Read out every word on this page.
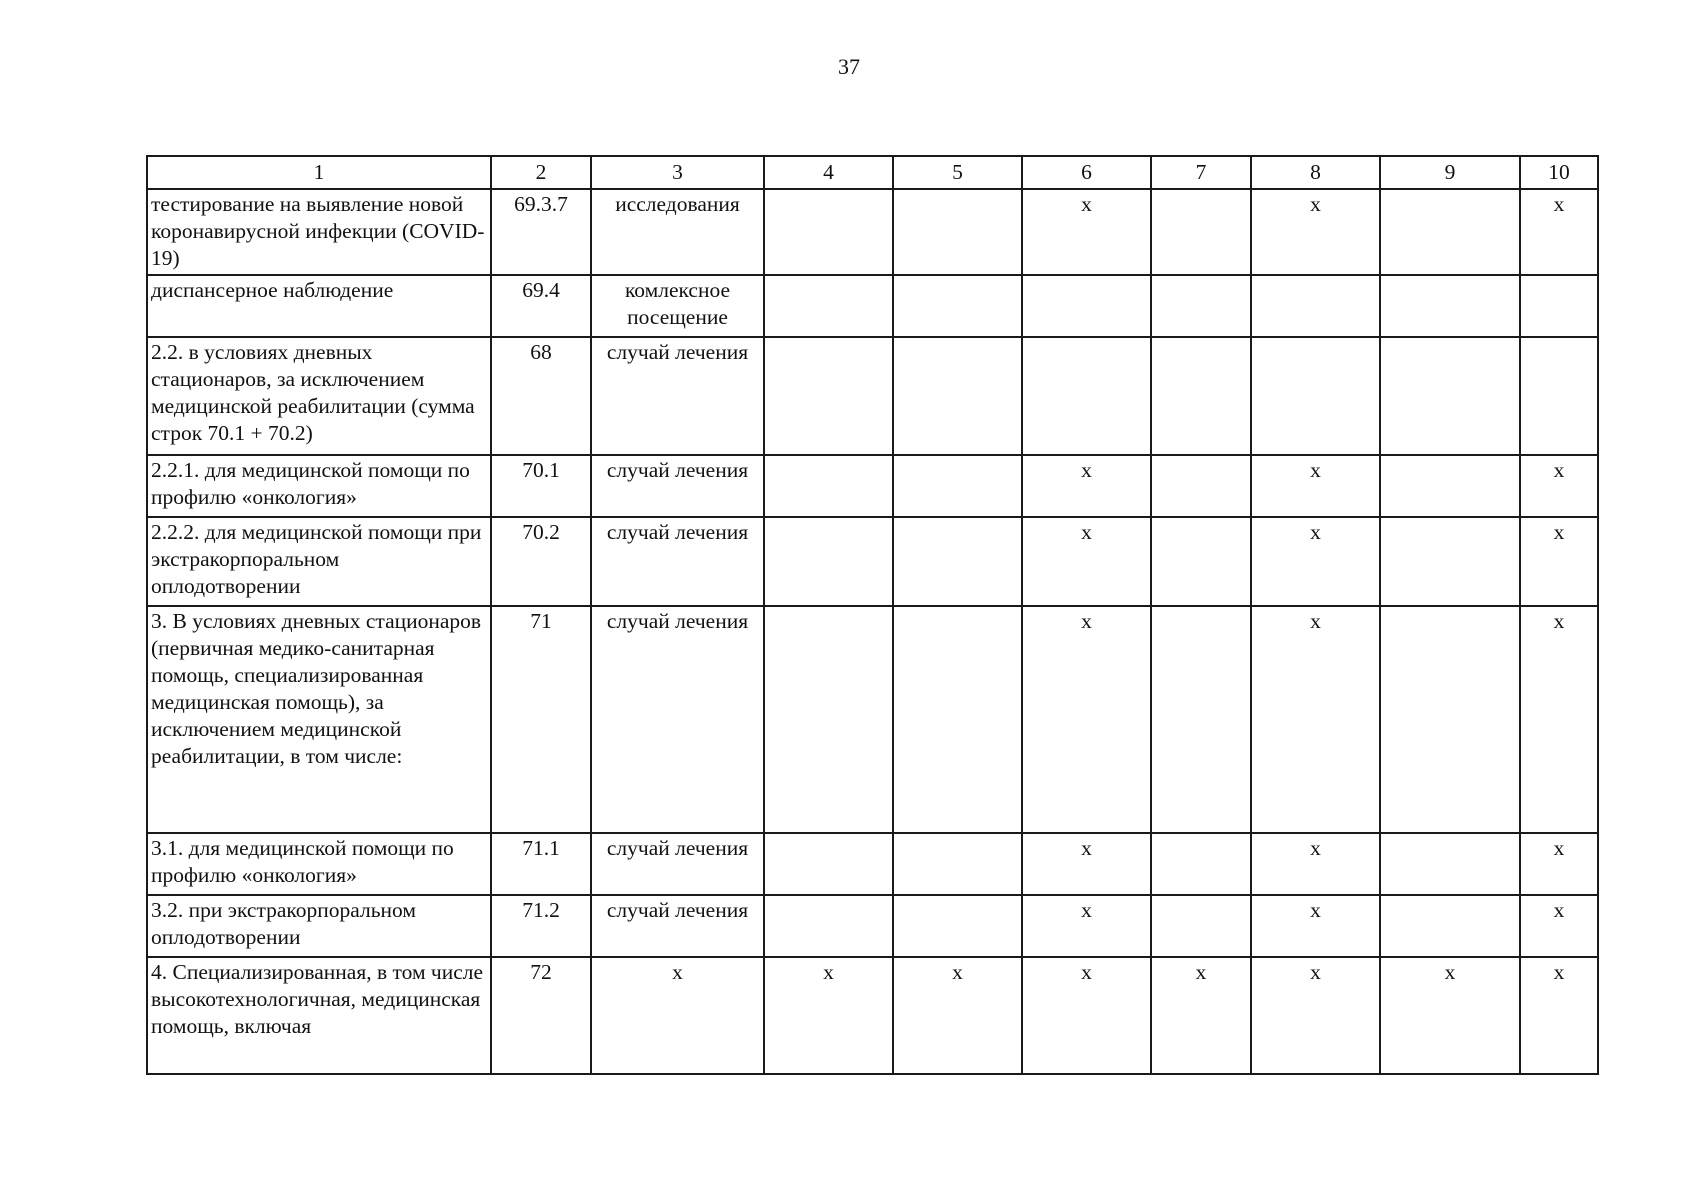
37
1	2	3	4	5	6	7	8	9	10
тестирование на выявление новой коронавирусной инфекции (COVID-19)	69.3.7	исследования			х		х		х
диспансерное наблюдение	69.4	комлексное посещение							
2.2. в условиях дневных стационаров, за исключением медицинской реабилитации (сумма строк 70.1 + 70.2)	68	случай лечения							
2.2.1. для медицинской помощи по профилю «онкология»	70.1	случай лечения			х		х		х
2.2.2. для медицинской помощи при экстракорпоральном оплодотворении	70.2	случай лечения			х		х		х
3. В условиях дневных стационаров (первичная медико-санитарная помощь, специализированная медицинская помощь), за исключением медицинской реабилитации, в том числе:	71	случай лечения			х		х		х
3.1. для медицинской помощи по профилю «онкология»	71.1	случай лечения			х		х		х
3.2. при экстракорпоральном оплодотворении	71.2	случай лечения			х		х		х
4. Специализированная, в том числе высокотехнологичная, медицинская помощь, включая	72	х	х	х	х	х	х	х	х
